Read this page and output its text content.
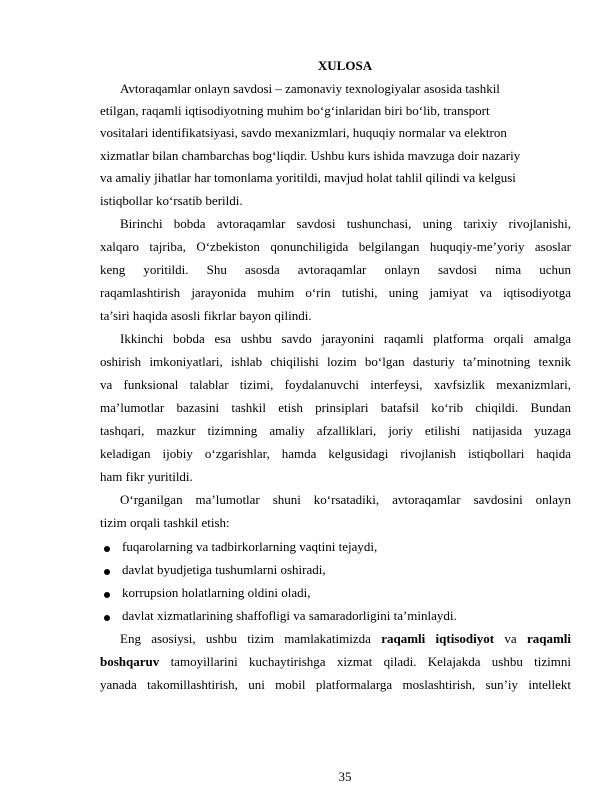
XULOSA
Avtoraqamlar onlayn savdosi – zamonaviy texnologiyalar asosida tashkil
etilgan, raqamli iqtisodiyotning muhim bo‘g‘inlaridan biri bo‘lib, transport
vositalari identifikatsiyasi, savdo mexanizmlari, huquqiy normalar va elektron
xizmatlar bilan chambarchas bog‘liqdir. Ushbu kurs ishida mavzuga doir nazariy
va amaliy jihatlar har tomonlama yoritildi, mavjud holat tahlil qilindi va kelgusi
istiqbollar ko‘rsatib berildi.
Birinchi bobda avtoraqamlar savdosi tushunchasi, uning tarixiy rivojlanishi,
xalqaro tajriba, O‘zbekiston qonunchiligida belgilangan huquqiy-me’yoriy asoslar
keng yoritildi. Shu asosda avtoraqamlar onlayn savdosi nima uchun
raqamlashtirish jarayonida muhim o‘rin tutishi, uning jamiyat va iqtisodiyotga
ta’siri haqida asosli fikrlar bayon qilindi.
Ikkinchi bobda esa ushbu savdo jarayonini raqamli platforma orqali amalga
oshirish imkoniyatlari, ishlab chiqilishi lozim bo‘lgan dasturiy ta’minotning texnik
va funksional talablar tizimi, foydalanuvchi interfeysi, xavfsizlik mexanizmlari,
ma’lumotlar bazasini tashkil etish prinsiplari batafsil ko‘rib chiqildi. Bundan
tashqari, mazkur tizimning amaliy afzalliklari, joriy etilishi natijasida yuzaga
keladigan ijobiy o‘zgarishlar, hamda kelgusidagi rivojlanish istiqbollari haqida
ham fikr yuritildi.
O‘rganilgan ma’lumotlar shuni ko‘rsatadiki, avtoraqamlar savdosini onlayn
tizim orqali tashkil etish:
fuqarolarning va tadbirkorlarning vaqtini tejaydi,
davlat byudjetiga tushumlarni oshiradi,
korrupsion holatlarning oldini oladi,
davlat xizmatlarining shaffofligi va samaradorligini ta’minlaydi.
Eng asosiysi, ushbu tizim mamlakatimizda raqamli iqtisodiyot va raqamli
boshqaruv tamoyillarini kuchaytirishga xizmat qiladi. Kelajakda ushbu tizimni
yanada takomillashtirish, uni mobil platformalarga moslashtirish, sun’iy intellekt
35
